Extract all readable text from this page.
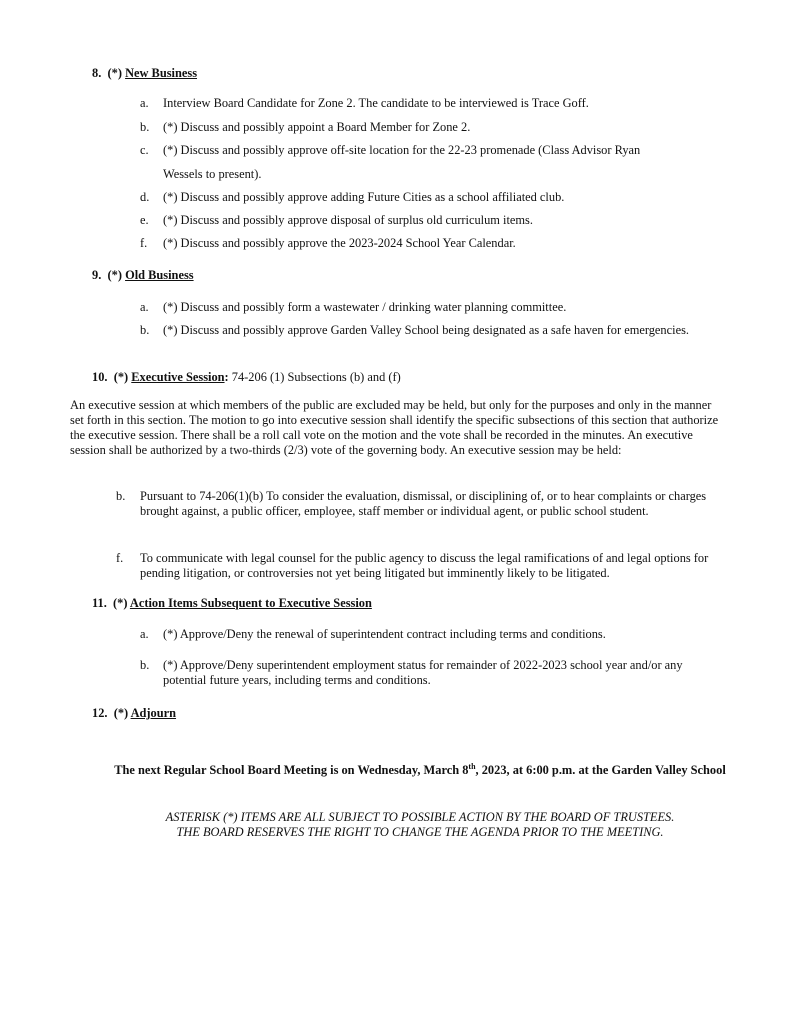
8. (*) New Business
a. Interview Board Candidate for Zone 2. The candidate to be interviewed is Trace Goff.
b. (*) Discuss and possibly appoint a Board Member for Zone 2.
c. (*) Discuss and possibly approve off-site location for the 22-23 promenade (Class Advisor Ryan
Wessels to present).
d. (*) Discuss and possibly approve adding Future Cities as a school affiliated club.
e. (*) Discuss and possibly approve disposal of surplus old curriculum items.
f. (*) Discuss and possibly approve the 2023-2024 School Year Calendar.
9. (*) Old Business
a. (*) Discuss and possibly form a wastewater / drinking water planning committee.
b. (*) Discuss and possibly approve Garden Valley School being designated as a safe haven for emergencies.
10. (*) Executive Session: 74-206 (1) Subsections (b) and (f)
An executive session at which members of the public are excluded may be held, but only for the purposes and only in the manner set forth in this section. The motion to go into executive session shall identify the specific subsections of this section that authorize the executive session. There shall be a roll call vote on the motion and the vote shall be recorded in the minutes. An executive session shall be authorized by a two-thirds (2/3) vote of the governing body. An executive session may be held:
b. Pursuant to 74-206(1)(b) To consider the evaluation, dismissal, or disciplining of, or to hear complaints or charges brought against, a public officer, employee, staff member or individual agent, or public school student.
f. To communicate with legal counsel for the public agency to discuss the legal ramifications of and legal options for pending litigation, or controversies not yet being litigated but imminently likely to be litigated.
11. (*) Action Items Subsequent to Executive Session
a. (*) Approve/Deny the renewal of superintendent contract including terms and conditions.
b. (*) Approve/Deny superintendent employment status for remainder of 2022-2023 school year and/or any potential future years, including terms and conditions.
12. (*) Adjourn
The next Regular School Board Meeting is on Wednesday, March 8th, 2023, at 6:00 p.m. at the Garden Valley School
ASTERISK (*) ITEMS ARE ALL SUBJECT TO POSSIBLE ACTION BY THE BOARD OF TRUSTEES.
THE BOARD RESERVES THE RIGHT TO CHANGE THE AGENDA PRIOR TO THE MEETING.
